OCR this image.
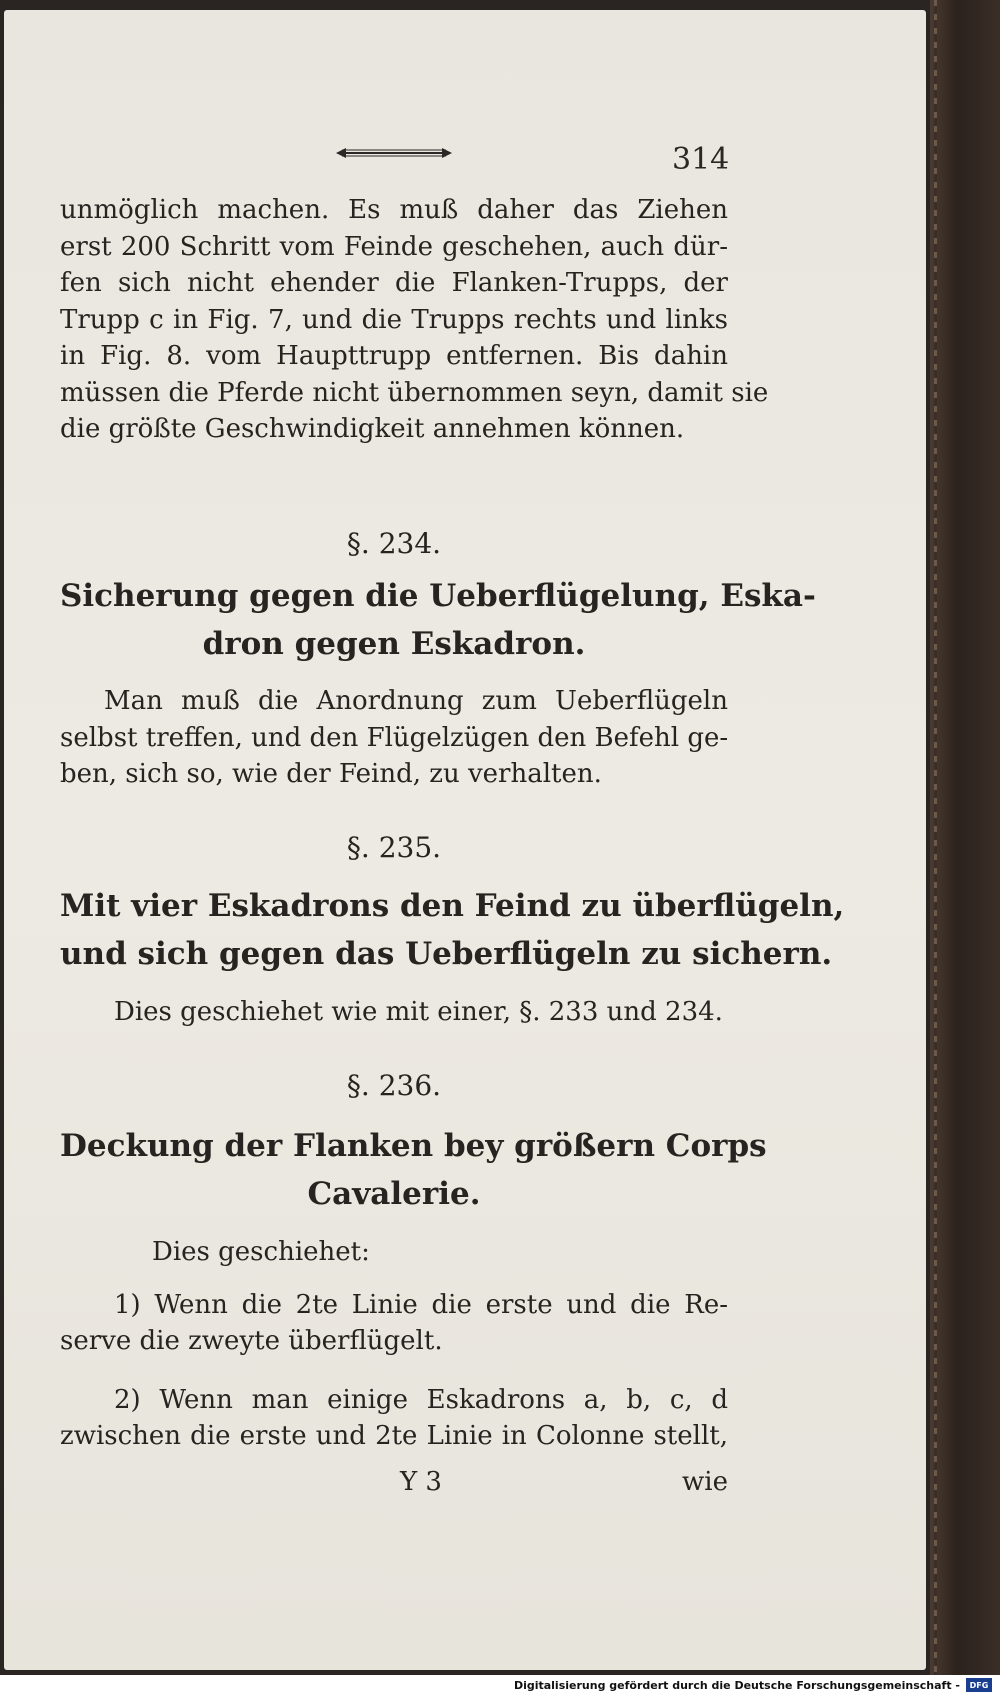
314
unmöglich machen. Es muß daher das Ziehen
erst 200 Schritt vom Feinde geschehen, auch dür-
fen sich nicht ehender die Flanken-Trupps, der
Trupp c in Fig. 7, und die Trupps rechts und links
in Fig. 8. vom Haupttrupp entfernen. Bis dahin
müssen die Pferde nicht übernommen seyn, damit sie
die größte Geschwindigkeit annehmen können.
§. 234.
Sicherung gegen die Ueberflügelung, Eska-
dron gegen Eskadron.
Man muß die Anordnung zum Ueberflügeln
selbst treffen, und den Flügelzügen den Befehl ge-
ben, sich so, wie der Feind, zu verhalten.
§. 235.
Mit vier Eskadrons den Feind zu überflügeln,
und sich gegen das Ueberflügeln zu sichern.
Dies geschiehet wie mit einer, §. 233 und 234.
§. 236.
Deckung der Flanken bey größern Corps
Cavalerie.
Dies geschiehet:
1) Wenn die 2te Linie die erste und die Re-
serve die zweyte überflügelt.
2) Wenn man einige Eskadrons a, b, c, d
zwischen die erste und 2te Linie in Colonne stellt,
Y 3	wie
Digitalisierung gefördert durch die Deutsche Forschungsgemeinschaft -	DFG
